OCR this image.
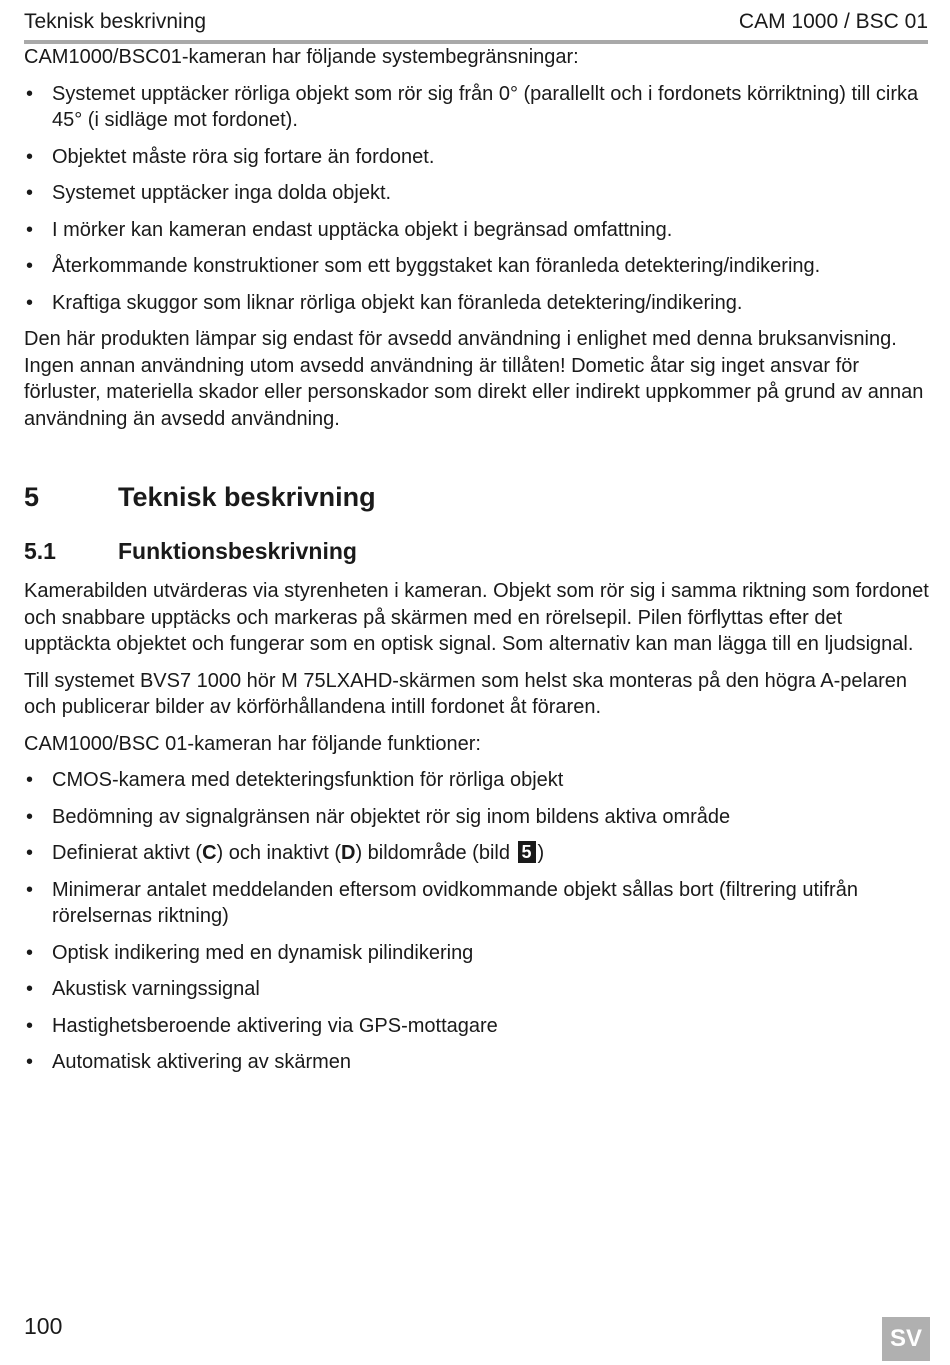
Teknisk beskrivning	CAM 1000 / BSC 01

CAM1000/BSC01-kameran har följande systembegränsningar:

• Systemet upptäcker rörliga objekt som rör sig från 0° (parallellt och i fordonets körriktning) till cirka 45° (i sidläge mot fordonet).
• Objektet måste röra sig fortare än fordonet.
• Systemet upptäcker inga dolda objekt.
• I mörker kan kameran endast upptäcka objekt i begränsad omfattning.
• Återkommande konstruktioner som ett byggstaket kan föranleda detektering/indikering.
• Kraftiga skuggor som liknar rörliga objekt kan föranleda detektering/indikering.

Den här produkten lämpar sig endast för avsedd användning i enlighet med denna bruksanvisning. Ingen annan användning utom avsedd användning är tillåten! Dometic åtar sig inget ansvar för förluster, materiella skador eller personskador som direkt eller indirekt uppkommer på grund av annan användning än avsedd användning.

5	Teknisk beskrivning
5.1	Funktionsbeskrivning

Kamerabilden utvärderas via styrenheten i kameran. Objekt som rör sig i samma riktning som fordonet och snabbare upptäcks och markeras på skärmen med en rörelsepil. Pilen förflyttas efter det upptäckta objektet och fungerar som en optisk signal. Som alternativ kan man lägga till en ljudsignal.

Till systemet BVS7 1000 hör M 75LXAHD-skärmen som helst ska monteras på den högra A-pelaren och publicerar bilder av körförhållandena intill fordonet åt föraren.

CAM1000/BSC 01-kameran har följande funktioner:

• CMOS-kamera med detekteringsfunktion för rörliga objekt
• Bedömning av signalgränsen när objektet rör sig inom bildens aktiva område
• Definierat aktivt (C) och inaktivt (D) bildområde (bild 5 )
• Minimerar antalet meddelanden eftersom ovidkommande objekt sållas bort (filtrering utifrån rörelsernas riktning)
• Optisk indikering med en dynamisk pilindikering
• Akustisk varningssignal
• Hastighetsberoende aktivering via GPS-mottagare
• Automatisk aktivering av skärmen
100	SV
